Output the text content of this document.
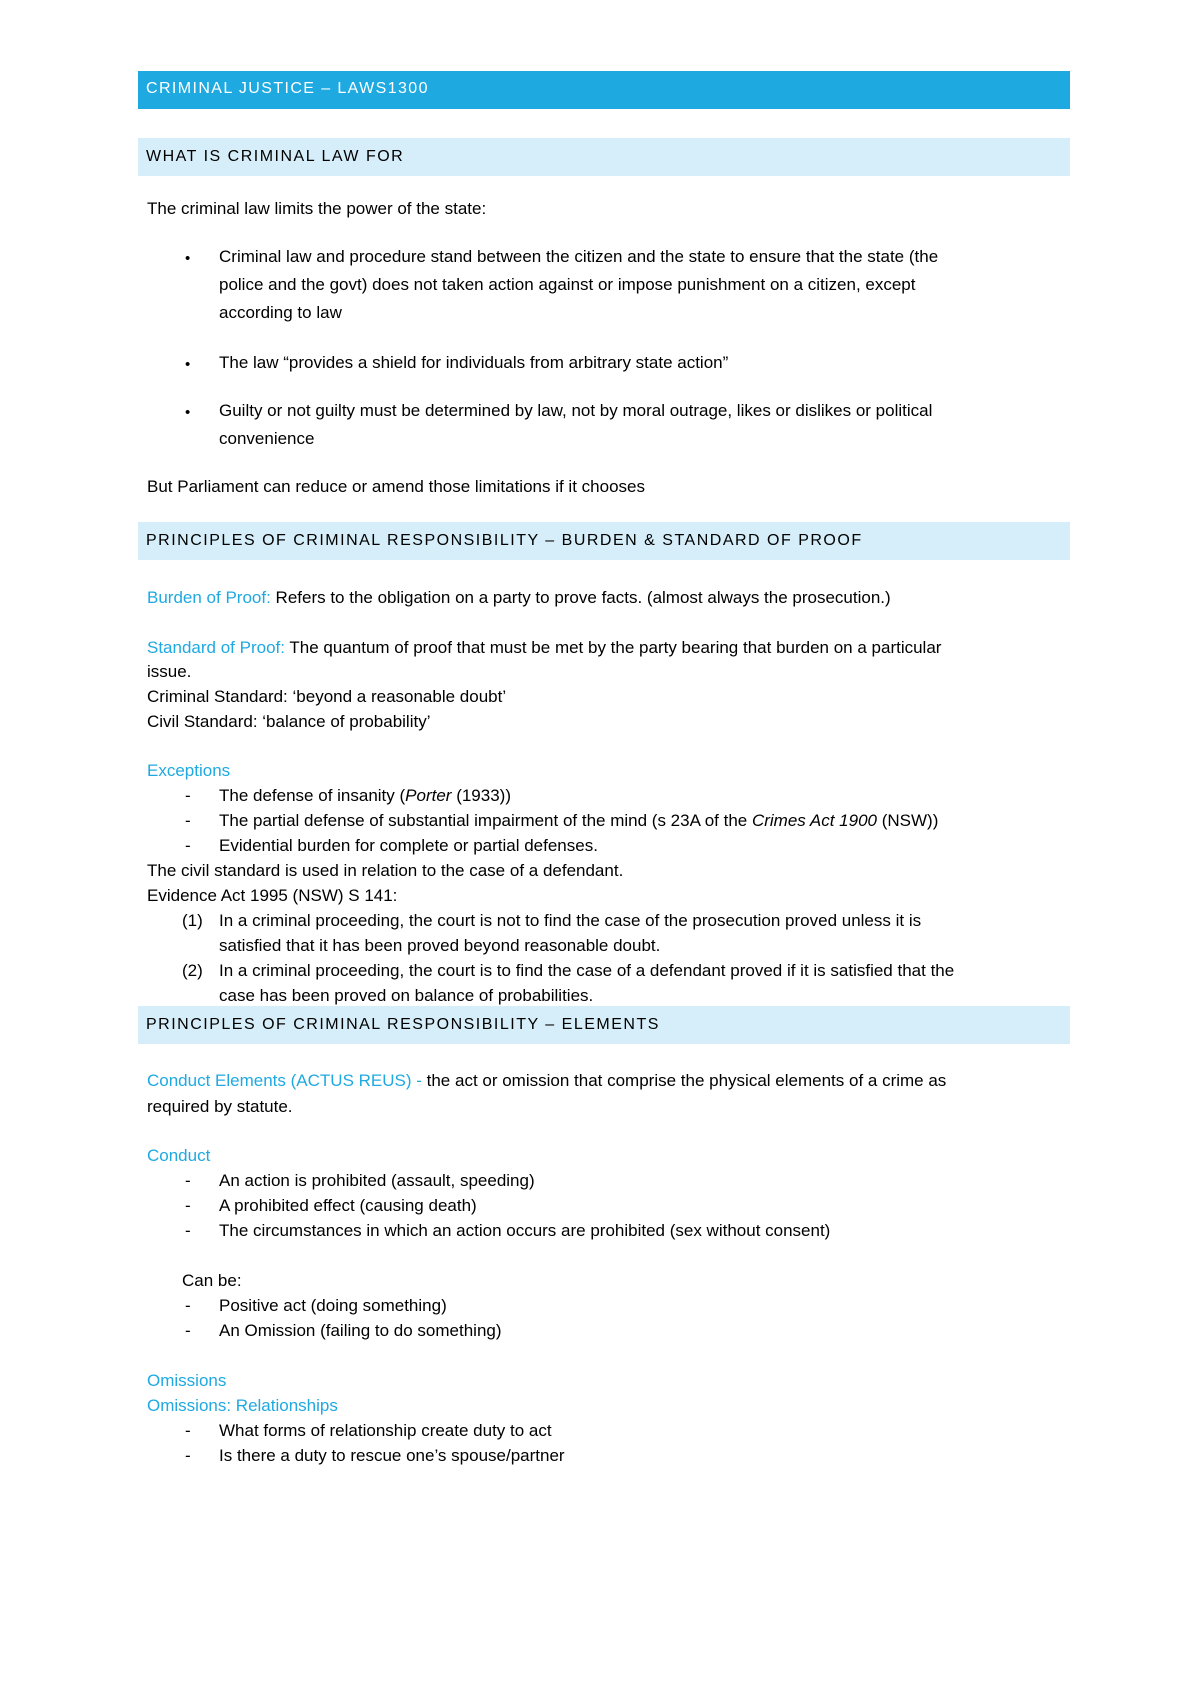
CRIMINAL JUSTICE – LAWS1300
WHAT IS CRIMINAL LAW FOR
The criminal law limits the power of the state:
• Criminal law and procedure stand between the citizen and the state to ensure that the state (the
police and the govt) does not taken action against or impose punishment on a citizen, except
according to law
• The law “provides a shield for individuals from arbitrary state action”
• Guilty or not guilty must be determined by law, not by moral outrage, likes or dislikes or political
convenience
But Parliament can reduce or amend those limitations if it chooses
PRINCIPLES OF CRIMINAL RESPONSIBILITY – BURDEN & STANDARD OF PROOF
Burden of Proof: Refers to the obligation on a party to prove facts. (almost always the prosecution.)
Standard of Proof: The quantum of proof that must be met by the party bearing that burden on a particular
issue.
Criminal Standard: ‘beyond a reasonable doubt’
Civil Standard: ‘balance of probability’
Exceptions
- The defense of insanity (Porter (1933))
- The partial defense of substantial impairment of the mind (s 23A of the Crimes Act 1900 (NSW))
- Evidential burden for complete or partial defenses.
The civil standard is used in relation to the case of a defendant.
Evidence Act 1995 (NSW) S 141:
(1) In a criminal proceeding, the court is not to find the case of the prosecution proved unless it is
satisfied that it has been proved beyond reasonable doubt.
(2) In a criminal proceeding, the court is to find the case of a defendant proved if it is satisfied that the
case has been proved on balance of probabilities.
PRINCIPLES OF CRIMINAL RESPONSIBILITY – ELEMENTS
Conduct Elements (ACTUS REUS) - the act or omission that comprise the physical elements of a crime as
required by statute.
Conduct
- An action is prohibited (assault, speeding)
- A prohibited effect (causing death)
- The circumstances in which an action occurs are prohibited (sex without consent)
Can be:
- Positive act (doing something)
- An Omission (failing to do something)
Omissions
Omissions: Relationships
- What forms of relationship create duty to act
- Is there a duty to rescue one’s spouse/partner
